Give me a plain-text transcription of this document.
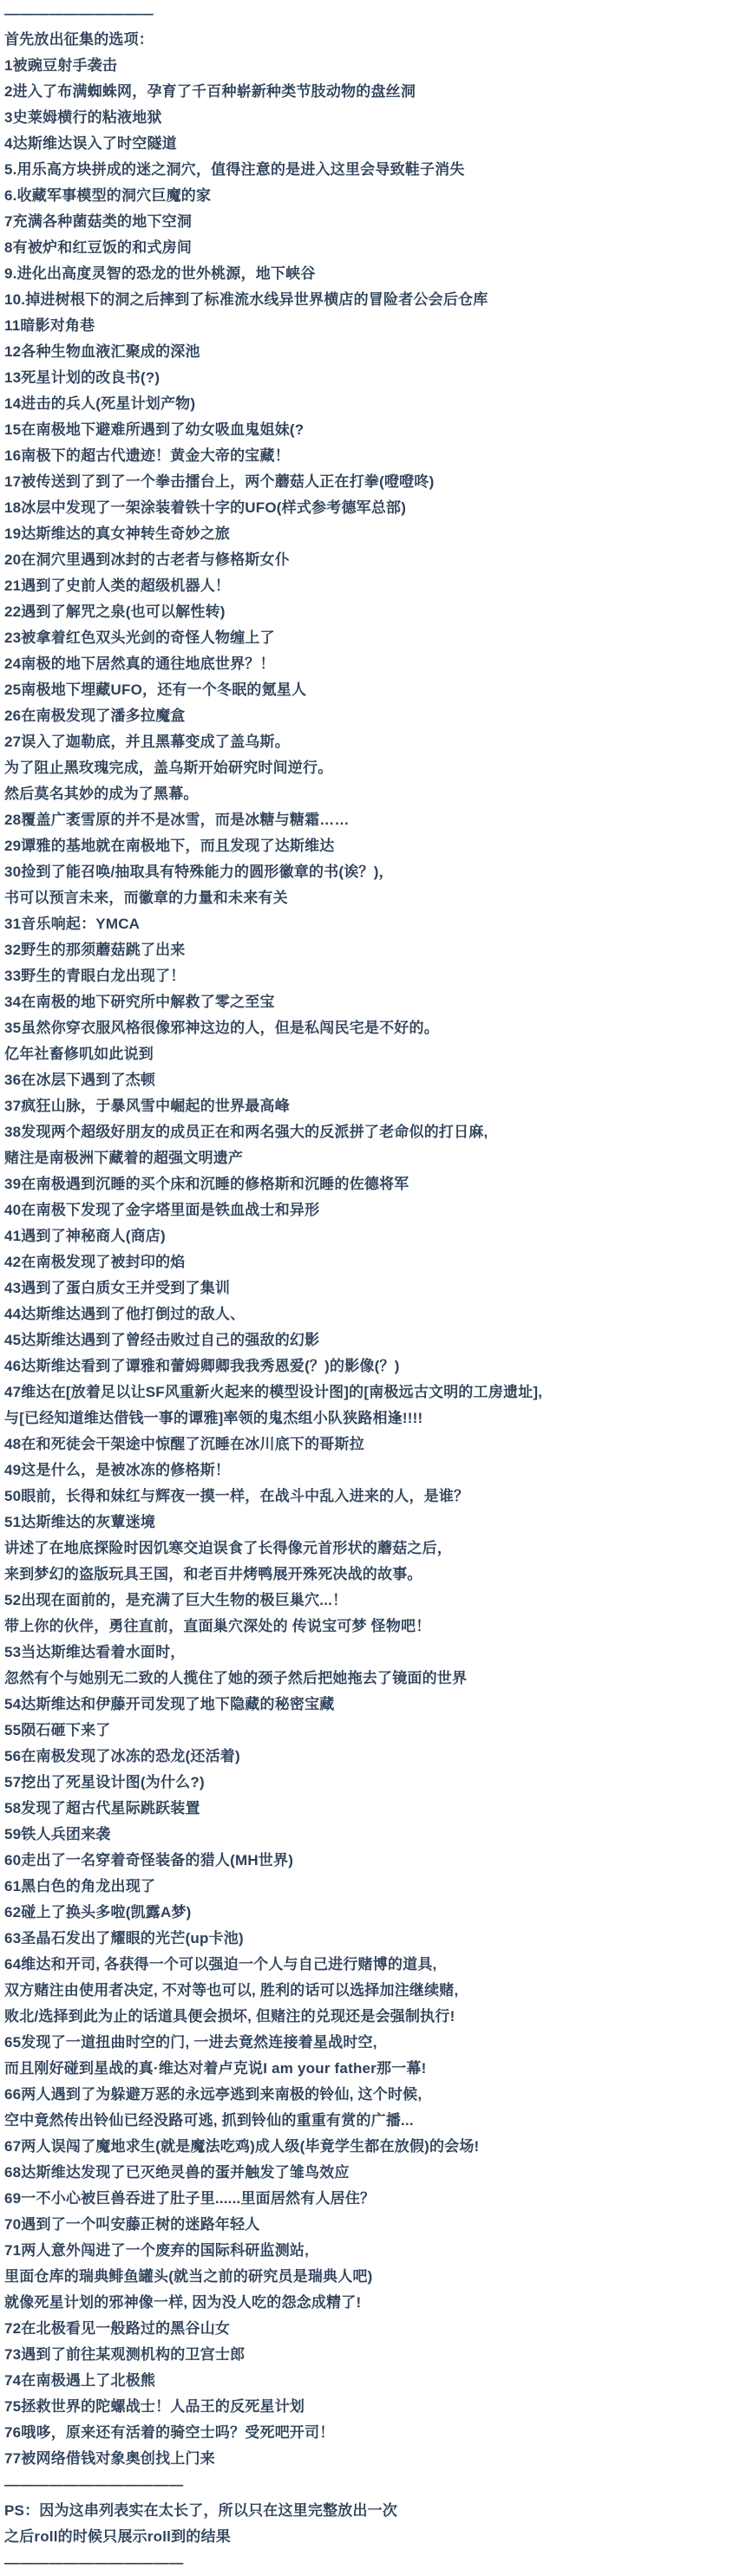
——————————
首先放出征集的选项：
1被豌豆射手袭击
2进入了布满蜘蛛网，孕育了千百种崭新种类节肢动物的盘丝洞
3史莱姆横行的粘液地狱
4达斯维达误入了时空隧道
5.用乐高方块拼成的迷之洞穴，值得注意的是进入这里会导致鞋子消失
6.收藏军事模型的洞穴巨魔的家
7充满各种菌菇类的地下空洞
8有被炉和红豆饭的和式房间
9.进化出高度灵智的恐龙的世外桃源，地下峡谷
10.掉进树根下的洞之后摔到了标准流水线异世界横店的冒险者公会后仓库
11暗影对角巷
12各种生物血液汇聚成的深池
13死星计划的改良书(?)
14进击的兵人(死星计划产物)
15在南极地下避难所遇到了幼女吸血鬼姐妹(?
16南极下的超古代遗迹！黄金大帝的宝藏！
17被传送到了到了一个拳击擂台上，两个蘑菇人正在打拳(噔噔咚)
18冰层中发现了一架涂装着铁十字的UFO(样式参考德军总部)
19达斯维达的真女神转生奇妙之旅
20在洞穴里遇到冰封的古老者与修格斯女仆
21遇到了史前人类的超级机器人！
22遇到了解咒之泉(也可以解性转)
23被拿着红色双头光剑的奇怪人物缠上了
24南极的地下居然真的通往地底世界？！
25南极地下埋藏UFO，还有一个冬眠的氪星人
26在南极发现了潘多拉魔盒
27误入了迦勒底，并且黑幕变成了盖乌斯。
为了阻止黑玫瑰完成，盖乌斯开始研究时间逆行。
然后莫名其妙的成为了黑幕。
28覆盖广袤雪原的并不是冰雪，而是冰糖与糖霜……
29谭雅的基地就在南极地下，而且发现了达斯维达
30捡到了能召唤/抽取具有特殊能力的圆形徽章的书(诶？)，
书可以预言未来，而徽章的力量和未来有关
31音乐响起：YMCA
32野生的那须蘑菇跳了出来
33野生的青眼白龙出现了！
34在南极的地下研究所中解救了零之至宝
35虽然你穿衣服风格很像邪神这边的人，但是私闯民宅是不好的。
亿年社畜修叽如此说到
36在冰层下遇到了杰顿
37疯狂山脉，于暴风雪中崛起的世界最高峰
38发现两个超级好朋友的成员正在和两名强大的反派拼了老命似的打日麻,
赌注是南极洲下藏着的超强文明遗产
39在南极遇到沉睡的买个床和沉睡的修格斯和沉睡的佐德将军
40在南极下发现了金字塔里面是铁血战士和异形
41遇到了神秘商人(商店)
42在南极发现了被封印的焰
43遇到了蛋白质女王并受到了集训
44达斯维达遇到了他打倒过的敌人、
45达斯维达遇到了曾经击败过自己的强敌的幻影
46达斯维达看到了谭雅和蕾姆卿卿我我秀恩爱(？)的影像(？)
47维达在[放着足以让SF风重新火起来的模型设计图]的[南极远古文明的工房遗址],
与[已经知道维达借钱一事的谭雅]率领的鬼杰组小队狭路相逢!!!!
48在和死徒会干架途中惊醒了沉睡在冰川底下的哥斯拉
49这是什么，是被冰冻的修格斯！
50眼前，长得和妹红与辉夜一摸一样，在战斗中乱入进来的人，是谁？
51达斯维达的灰蕈迷境
讲述了在地底探险时因饥寒交迫误食了长得像元首形状的蘑菇之后，
来到梦幻的盗版玩具王国，和老百井烤鸭展开殊死决战的故事。
52出现在面前的，是充满了巨大生物的极巨巢穴...！
带上你的伙伴，勇往直前，直面巢穴深处的 传说宝可梦 怪物吧！
53当达斯维达看着水面时，
忽然有个与她别无二致的人揽住了她的颈子然后把她拖去了镜面的世界
54达斯维达和伊藤开司发现了地下隐藏的秘密宝藏
55陨石砸下来了
56在南极发现了冰冻的恐龙(还活着)
57挖出了死星设计图(为什么?)
58发现了超古代星际跳跃装置
59铁人兵团来袭
60走出了一名穿着奇怪装备的猎人(MH世界)
61黑白色的角龙出现了
62碰上了换头多啦(凯露A梦)
63圣晶石发出了耀眼的光芒(up卡池)
64维达和开司, 各获得一个可以强迫一个人与自己进行赌博的道具,
双方赌注由使用者决定, 不对等也可以, 胜利的话可以选择加注继续赌,
败北/选择到此为止的话道具便会损坏, 但赌注的兑现还是会强制执行!
65发现了一道扭曲时空的门, 一进去竟然连接着星战时空,
而且刚好碰到星战的真·维达对着卢克说I am your father那一幕!
66两人遇到了为躲避万恶的永远亭逃到来南极的铃仙, 这个时候,
空中竟然传出铃仙已经没路可逃, 抓到铃仙的重重有赏的广播...
67两人误闯了魔地求生(就是魔法吃鸡)成人级(毕竟学生都在放假)的会场!
68达斯维达发现了已灭绝灵兽的蛋并触发了雏鸟效应
69一不小心被巨兽吞进了肚子里......里面居然有人居住？
70遇到了一个叫安藤正树的迷路年轻人
71两人意外闯进了一个废弃的国际科研监测站,
里面仓库的瑞典鲱鱼罐头(就当之前的研究员是瑞典人吧)
就像死星计划的邪神像一样, 因为没人吃的怨念成精了!
72在北极看见一般路过的黑谷山女
73遇到了前往某观测机构的卫宫士郎
74在南极遇上了北极熊
75拯救世界的陀螺战士！人品王的反死星计划
76哦哆，原来还有活着的骑空士吗？受死吧开司！
77被网络借钱对象奥创找上门来
————————————
PS：因为这串列表实在太长了，所以只在这里完整放出一次
之后roll的时候只展示roll到的结果
————————————
